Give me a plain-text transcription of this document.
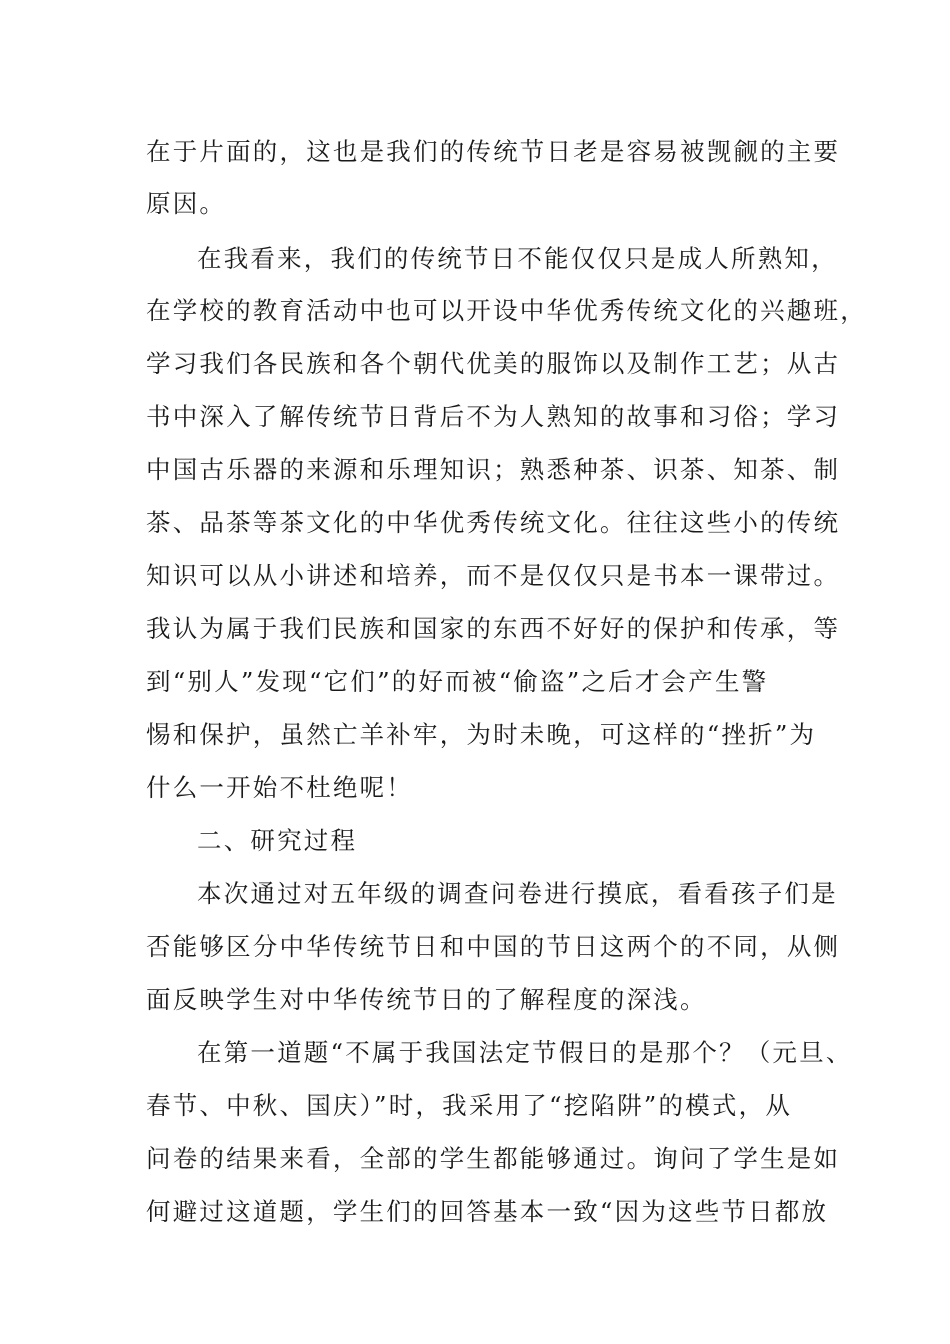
在于片面的，这也是我们的传统节日老是容易被觊觎的主要
原因。
在我看来，我们的传统节日不能仅仅只是成人所熟知，
在学校的教育活动中也可以开设中华优秀传统文化的兴趣班，
学习我们各民族和各个朝代优美的服饰以及制作工艺；从古
书中深入了解传统节日背后不为人熟知的故事和习俗；学习
中国古乐器的来源和乐理知识；熟悉种茶、识茶、知茶、制
茶、品茶等茶文化的中华优秀传统文化。往往这些小的传统
知识可以从小讲述和培养，而不是仅仅只是书本一课带过。
我认为属于我们民族和国家的东西不好好的保护和传承，等
到“别人”发现“它们”的好而被“偷盗”之后才会产生警
惕和保护，虽然亡羊补牢，为时未晚，可这样的“挫折”为
什么一开始不杜绝呢！
二、研究过程
本次通过对五年级的调查问卷进行摸底，看看孩子们是
否能够区分中华传统节日和中国的节日这两个的不同，从侧
面反映学生对中华传统节日的了解程度的深浅。
在第一道题“不属于我国法定节假日的是那个？（元旦、
春节、中秋、国庆）”时，我采用了“挖陷阱”的模式，从
问卷的结果来看，全部的学生都能够通过。询问了学生是如
何避过这道题，学生们的回答基本一致“因为这些节日都放
